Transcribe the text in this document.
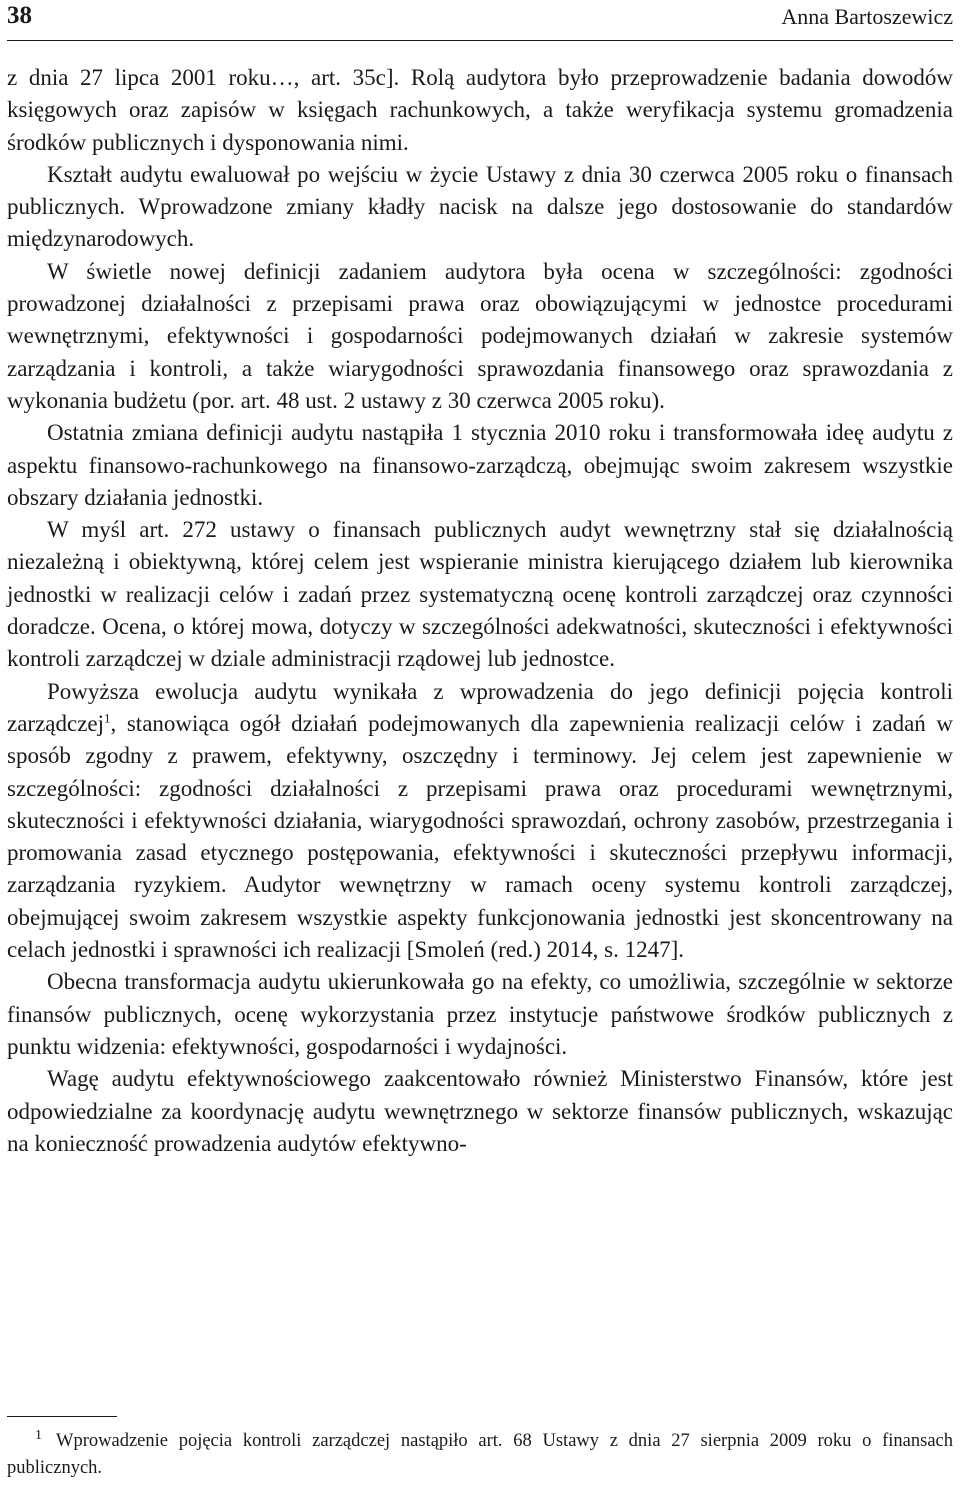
38	Anna Bartoszewicz

z dnia 27 lipca 2001 roku…, art. 35c]. Rolą audytora było przeprowadzenie badania dowodów księgowych oraz zapisów w księgach rachunkowych, a także weryfikacja systemu gromadzenia środków publicznych i dysponowania nimi.

Kształt audytu ewaluował po wejściu w życie Ustawy z dnia 30 czerwca 2005 roku o finansach publicznych. Wprowadzone zmiany kładły nacisk na dalsze jego dostosowanie do standardów międzynarodowych.

W świetle nowej definicji zadaniem audytora była ocena w szczególności: zgodności prowadzonej działalności z przepisami prawa oraz obowiązującymi w jednostce procedurami wewnętrznymi, efektywności i gospodarności podejmowanych działań w zakresie systemów zarządzania i kontroli, a także wiarygodności sprawozdania finansowego oraz sprawozdania z wykonania budżetu (por. art. 48 ust. 2 ustawy z 30 czerwca 2005 roku).

Ostatnia zmiana definicji audytu nastąpiła 1 stycznia 2010 roku i transformowała ideę audytu z aspektu finansowo-rachunkowego na finansowo-zarządczą, obejmując swoim zakresem wszystkie obszary działania jednostki.

W myśl art. 272 ustawy o finansach publicznych audyt wewnętrzny stał się działalnością niezależną i obiektywną, której celem jest wspieranie ministra kierującego działem lub kierownika jednostki w realizacji celów i zadań przez systematyczną ocenę kontroli zarządczej oraz czynności doradcze. Ocena, o której mowa, dotyczy w szczególności adekwatności, skuteczności i efektywności kontroli zarządczej w dziale administracji rządowej lub jednostce.

Powyższa ewolucja audytu wynikała z wprowadzenia do jego definicji pojęcia kontroli zarządczej$^1$, stanowiąca ogół działań podejmowanych dla zapewnienia realizacji celów i zadań w sposób zgodny z prawem, efektywny, oszczędny i terminowy. Jej celem jest zapewnienie w szczególności: zgodności działalności z przepisami prawa oraz procedurami wewnętrznymi, skuteczności i efektywności działania, wiarygodności sprawozdań, ochrony zasobów, przestrzegania i promowania zasad etycznego postępowania, efektywności i skuteczności przepływu informacji, zarządzania ryzykiem. Audytor wewnętrzny w ramach oceny systemu kontroli zarządczej, obejmującej swoim zakresem wszystkie aspekty funkcjonowania jednostki jest skoncentrowany na celach jednostki i sprawności ich realizacji [Smoleń (red.) 2014, s. 1247].

Obecna transformacja audytu ukierunkowała go na efekty, co umożliwia, szczególnie w sektorze finansów publicznych, ocenę wykorzystania przez instytucje państwowe środków publicznych z punktu widzenia: efektywności, gospodarności i wydajności.

Wagę audytu efektywnościowego zaakcentowało również Ministerstwo Finansów, które jest odpowiedzialne za koordynację audytu wewnętrznego w sektorze finansów publicznych, wskazując na konieczność prowadzenia audytów efektywno-

$^1$ Wprowadzenie pojęcia kontroli zarządczej nastąpiło art. 68 Ustawy z dnia 27 sierpnia 2009 roku o finansach publicznych.
